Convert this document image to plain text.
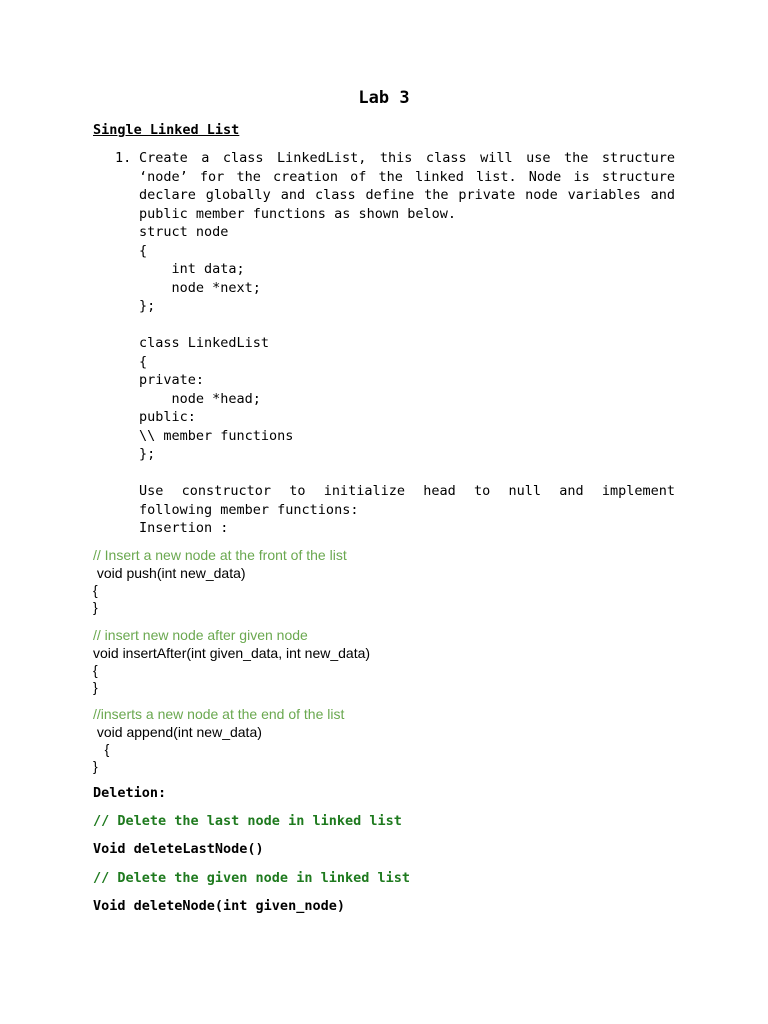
Lab 3
Single Linked List
1. Create a class LinkedList, this class will use the structure
‘node’ for the creation of the linked list. Node is structure
declare globally and class define the private node variables and
public member functions as shown below.
struct node
{
int data;
node *next;
};
class LinkedList
{
private:
node *head;
public:
\\ member functions
};
Use constructor to initialize head to null and implement
following member functions:
Insertion :
// Insert a new node at the front of the list
void push(int new_data)
{
}
// insert new node after given node
void insertAfter(int given_data, int new_data)
{
}
//inserts a new node at the end of the list
void append(int new_data)
{
}
Deletion:
// Delete the last node in linked list
Void deleteLastNode()
// Delete the given node in linked list
Void deleteNode(int given_node)
